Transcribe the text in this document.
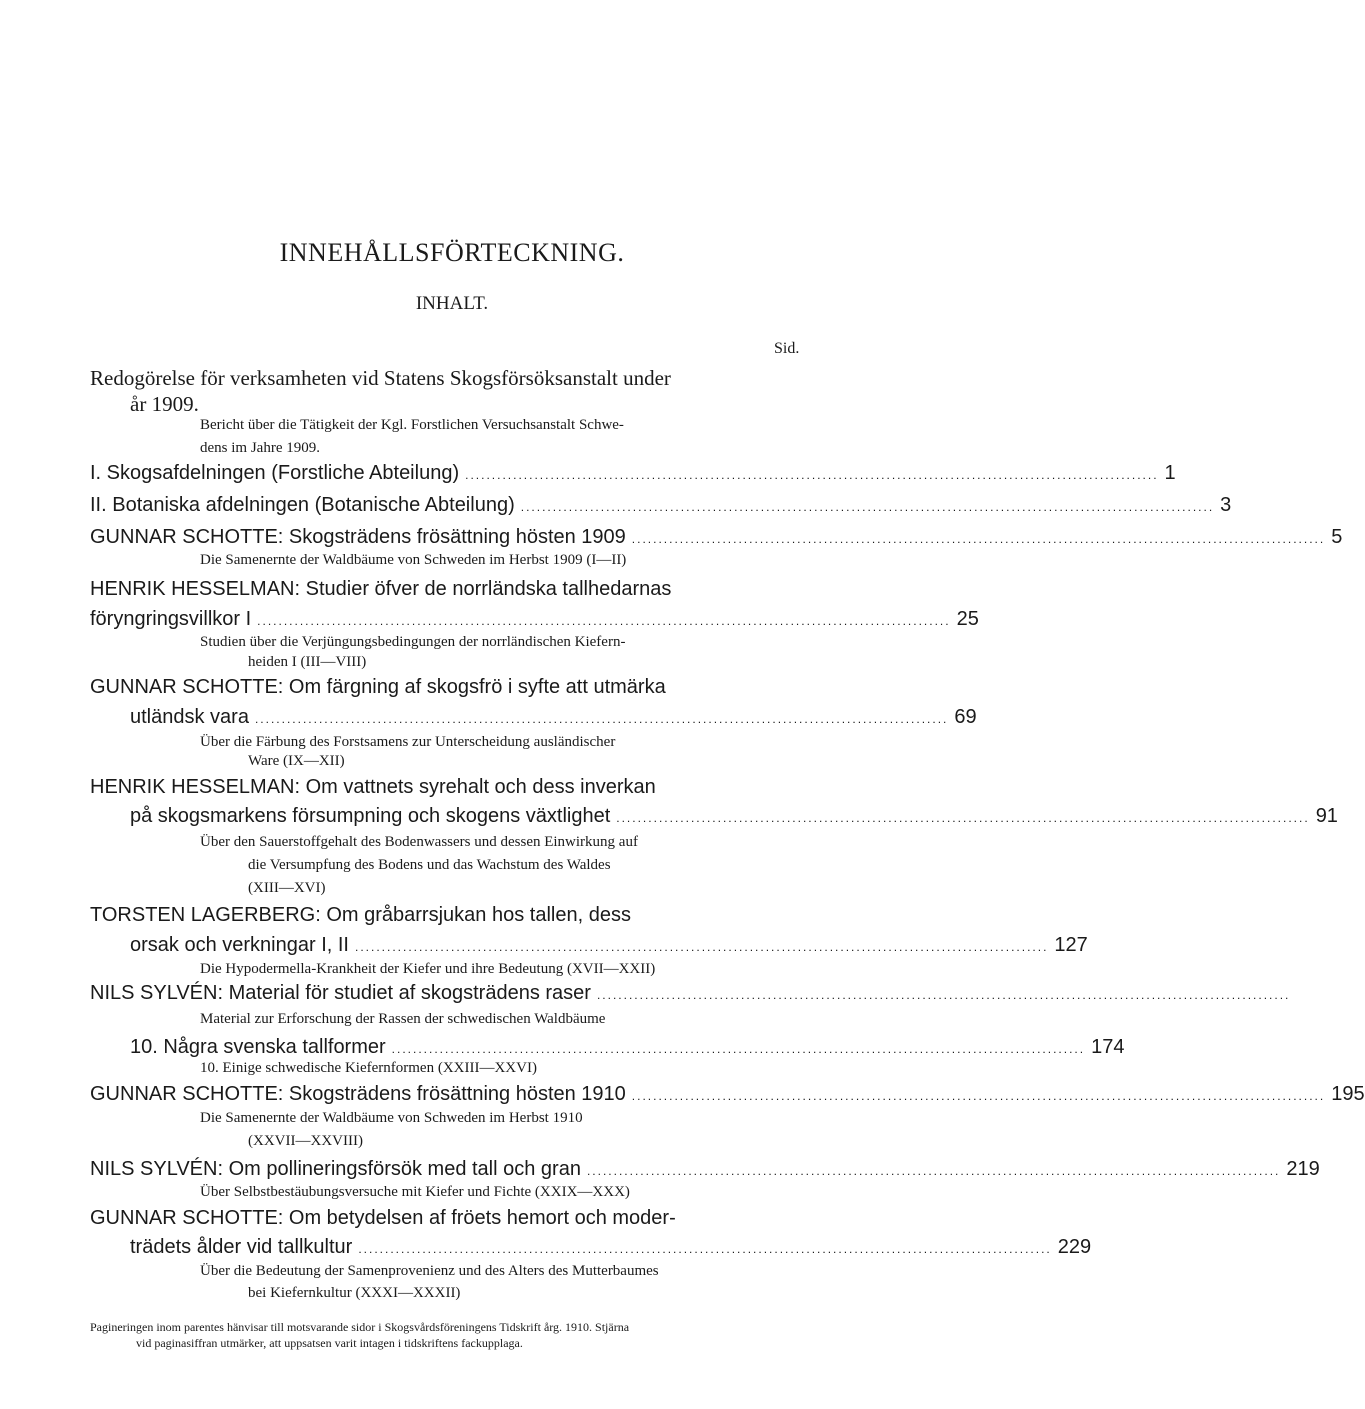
INNEHÅLLSFÖRTECKNING.
INHALT.
Sid.
Redogörelse för verksamheten vid Statens Skogsförsöksanstalt under
år 1909.
Bericht über die Tätigkeit der Kgl. Forstlichen Versuchsanstalt Schwe-
dens im Jahre 1909.
I. Skogsafdelningen (Forstliche Abteilung) .................................................................................................................................. 1
II. Botaniska afdelningen (Botanische Abteilung) .................................................................................................................................. 3
GUNNAR SCHOTTE: Skogsträdens frösättning hösten 1909 .................................................................................................................................. 5
Die Samenernte der Waldbäume von Schweden im Herbst 1909 (I—II)
HENRIK HESSELMAN: Studier öfver de norrländska tallhedarnas
föryngringsvillkor I .................................................................................................................................. 25
Studien über die Verjüngungsbedingungen der norrländischen Kiefern-
heiden I (III—VIII)
GUNNAR SCHOTTE: Om färgning af skogsfrö i syfte att utmärka
utländsk vara .................................................................................................................................. 69
Über die Färbung des Forstsamens zur Unterscheidung ausländischer
Ware (IX—XII)
HENRIK HESSELMAN: Om vattnets syrehalt och dess inverkan
på skogsmarkens försumpning och skogens växtlighet .................................................................................................................................. 91
Über den Sauerstoffgehalt des Bodenwassers und dessen Einwirkung auf
die Versumpfung des Bodens und das Wachstum des Waldes
(XIII—XVI)
TORSTEN LAGERBERG: Om gråbarrsjukan hos tallen, dess
orsak och verkningar I, II .................................................................................................................................. 127
Die Hypodermella-Krankheit der Kiefer und ihre Bedeutung (XVII—XXII)
NILS SYLVÉN: Material för studiet af skogsträdens raser ..................................................................................................................................
Material zur Erforschung der Rassen der schwedischen Waldbäume
10. Några svenska tallformer .................................................................................................................................. 174
10. Einige schwedische Kiefernformen (XXIII—XXVI)
GUNNAR SCHOTTE: Skogsträdens frösättning hösten 1910 .................................................................................................................................. 195
Die Samenernte der Waldbäume von Schweden im Herbst 1910
(XXVII—XXVIII)
NILS SYLVÉN: Om pollineringsförsök med tall och gran .................................................................................................................................. 219
Über Selbstbestäubungsversuche mit Kiefer und Fichte (XXIX—XXX)
GUNNAR SCHOTTE: Om betydelsen af fröets hemort och moder-
trädets ålder vid tallkultur .................................................................................................................................. 229
Über die Bedeutung der Samenprovenienz und des Alters des Mutterbaumes
bei Kiefernkultur (XXXI—XXXII)
Pagineringen inom parentes hänvisar till motsvarande sidor i Skogsvårdsföreningens Tidskrift årg. 1910. Stjärna
vid paginasiffran utmärker, att uppsatsen varit intagen i tidskriftens fackupplaga.
